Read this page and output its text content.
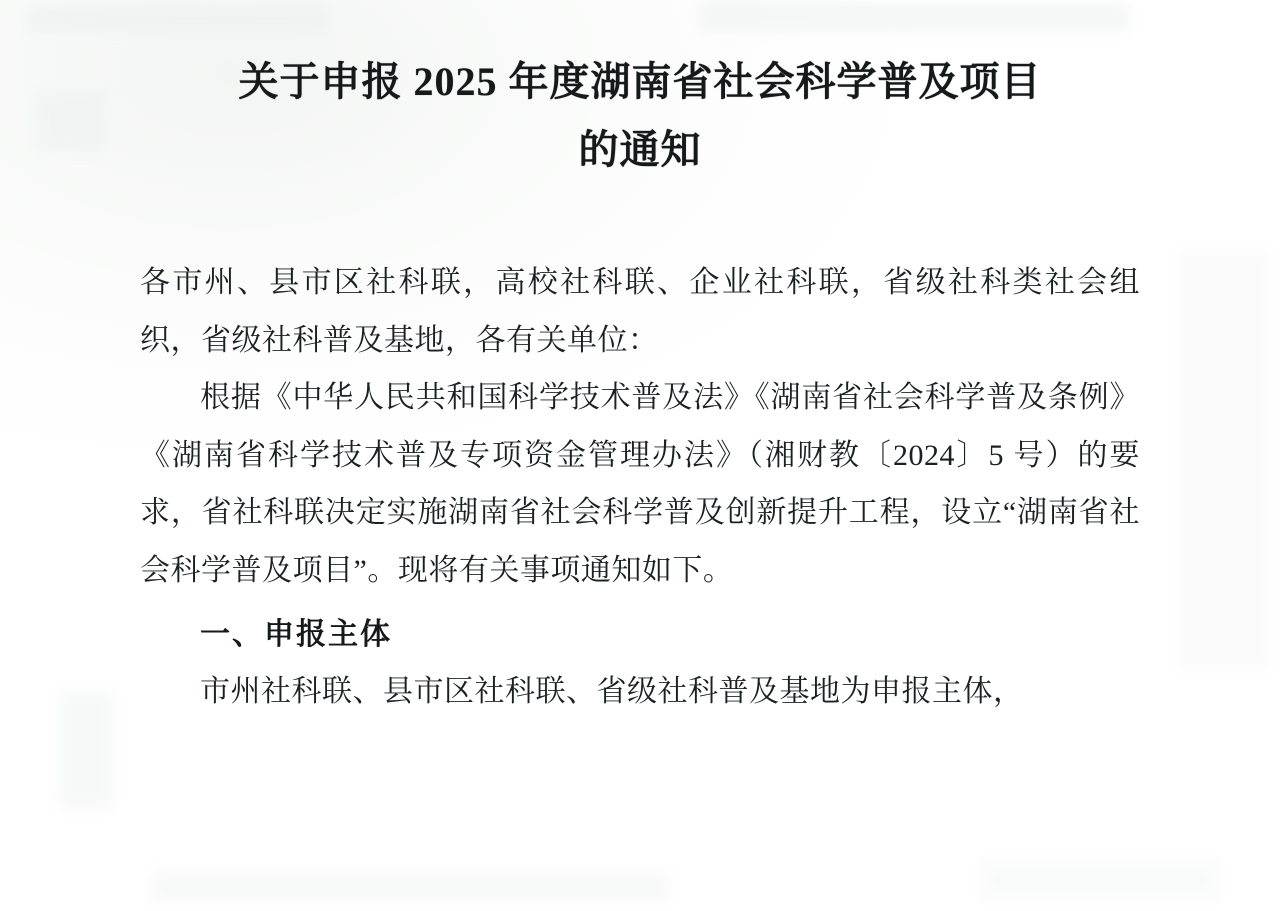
关于申报 2025 年度湖南省社会科学普及项目
的通知

各市州、县市区社科联，高校社科联、企业社科联，省级社科类社会组织，省级社科普及基地，各有关单位：

根据《中华人民共和国科学技术普及法》《湖南省社会科学普及条例》《湖南省科学技术普及专项资金管理办法》（湘财教〔2024〕5 号）的要求，省社科联决定实施湖南省社会科学普及创新提升工程，设立“湖南省社会科学普及项目”。现将有关事项通知如下。

一、申报主体

市州社科联、县市区社科联、省级社科普及基地为申报主体，
